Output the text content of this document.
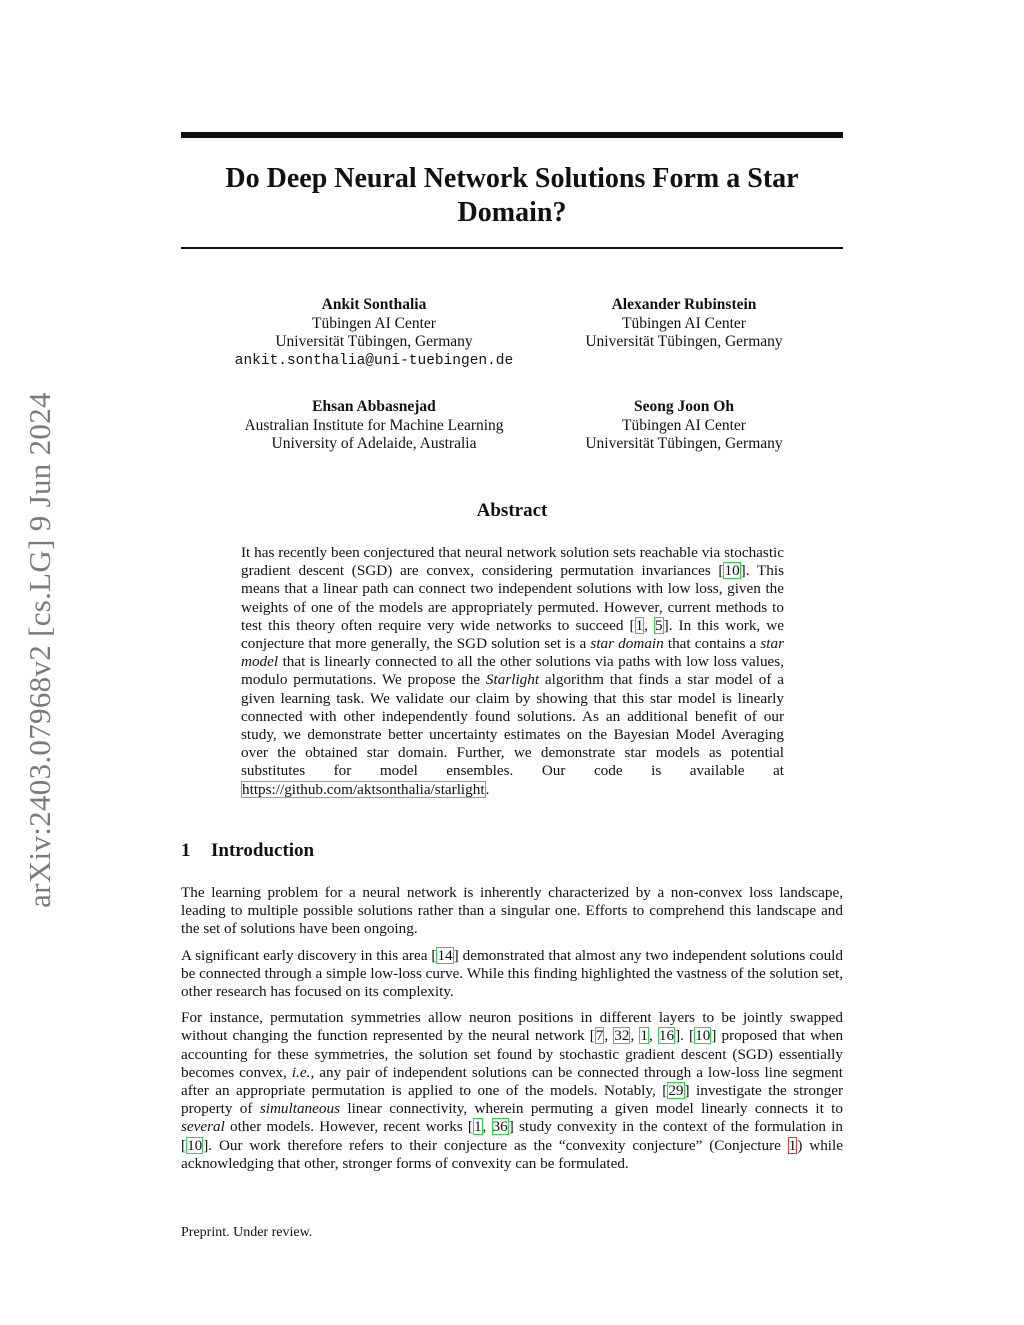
arXiv:2403.07968v2 [cs.LG] 9 Jun 2024
Do Deep Neural Network Solutions Form a Star Domain?
Ankit Sonthalia
Tübingen AI Center
Universität Tübingen, Germany
ankit.sonthalia@uni-tuebingen.de
Alexander Rubinstein
Tübingen AI Center
Universität Tübingen, Germany
Ehsan Abbasnejad
Australian Institute for Machine Learning
University of Adelaide, Australia
Seong Joon Oh
Tübingen AI Center
Universität Tübingen, Germany
Abstract
It has recently been conjectured that neural network solution sets reachable via stochastic gradient descent (SGD) are convex, considering permutation invariances [10]. This means that a linear path can connect two independent solutions with low loss, given the weights of one of the models are appropriately permuted. However, current methods to test this theory often require very wide networks to succeed [1, 5]. In this work, we conjecture that more generally, the SGD solution set is a star domain that contains a star model that is linearly connected to all the other solutions via paths with low loss values, modulo permutations. We propose the Starlight algorithm that finds a star model of a given learning task. We validate our claim by showing that this star model is linearly connected with other independently found solutions. As an additional benefit of our study, we demonstrate better uncertainty estimates on the Bayesian Model Averaging over the obtained star domain. Further, we demonstrate star models as potential substitutes for model ensembles. Our code is available at https://github.com/aktsonthalia/starlight.
1 Introduction

The learning problem for a neural network is inherently characterized by a non-convex loss landscape, leading to multiple possible solutions rather than a singular one. Efforts to comprehend this landscape and the set of solutions have been ongoing.

A significant early discovery in this area [14] demonstrated that almost any two independent solutions could be connected through a simple low-loss curve. While this finding highlighted the vastness of the solution set, other research has focused on its complexity.

For instance, permutation symmetries allow neuron positions in different layers to be jointly swapped without changing the function represented by the neural network [7, 32, 1, 16]. [10] proposed that when accounting for these symmetries, the solution set found by stochastic gradient descent (SGD) essentially becomes convex, i.e., any pair of independent solutions can be connected through a low-loss line segment after an appropriate permutation is applied to one of the models. Notably, [29] investigate the stronger property of simultaneous linear connectivity, wherein permuting a given model linearly connects it to several other models. However, recent works [1, 36] study convexity in the context of the formulation in [10]. Our work therefore refers to their conjecture as the “convexity conjecture” (Conjecture 1) while acknowledging that other, stronger forms of convexity can be formulated.

Preprint. Under review.
